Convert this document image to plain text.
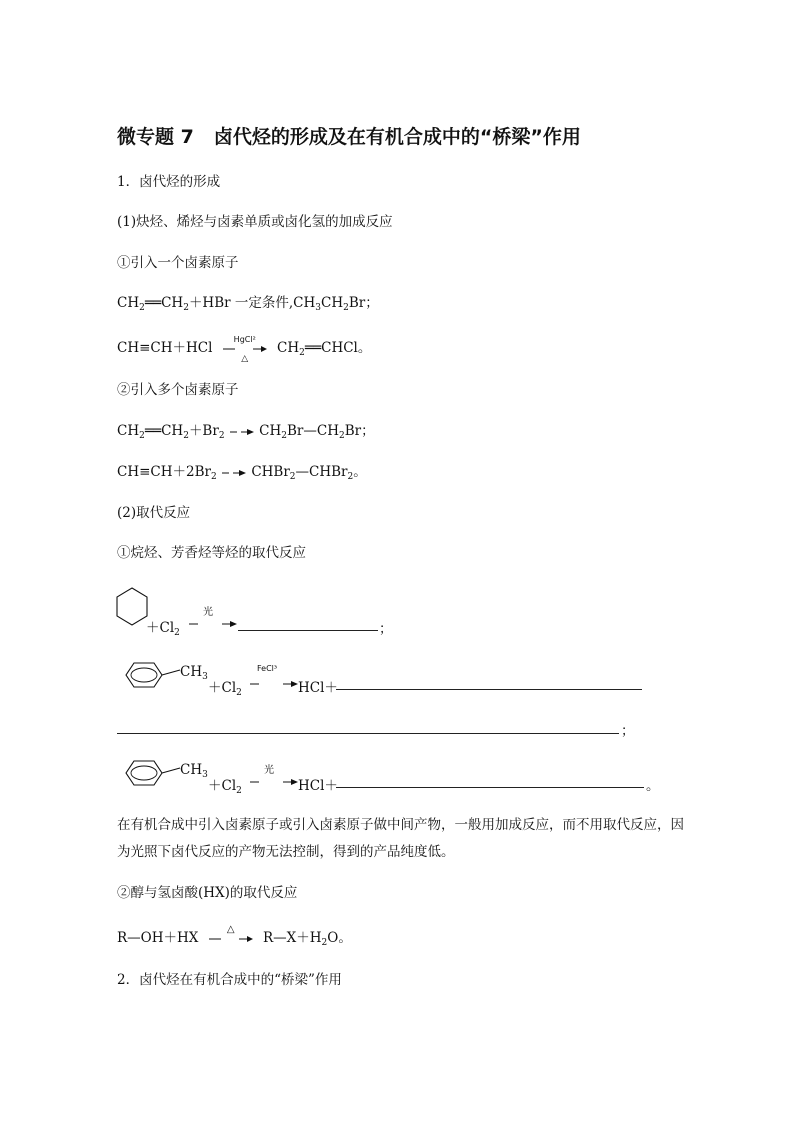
微专题 7 卤代烃的形成及在有机合成中的“桥梁”作用
1．卤代烃的形成
(1)炔烃、烯烃与卤素单质或卤化氢的加成反应
①引入一个卤素原子
$CH_2══CH_2+HBr$ 一定条件$,CH_3CH_2Br$；
CH≡CH＋HCl
HgCl²
△
$CH_2══CHCl$。
②引入多个卤素原子
$CH_2══CH_2+Br_2$	$CH_2Br—CH_2Br$；
$CH\equiv CH+2Br_2$	CHBr$_2$—CHBr$_2$。
(2)取代反应
①烷烃、芳香烃等烃的取代反应
$+Cl_2$
光
；
$CH_3$
$+Cl_2$
FeCl³
HCl＋
；
$CH_3$
$+Cl_2$
光
HCl＋	。
在有机合成中引入卤素原子或引入卤素原子做中间产物，一般用加成反应，而不用取代反应，因为光照下卤代反应的产物无法控制，得到的产品纯度低。
②醇与氢卤酸(HX)的取代反应
R—OH＋HX
△
$R—X+H_2O$。
2．卤代烃在有机合成中的“桥梁”作用
